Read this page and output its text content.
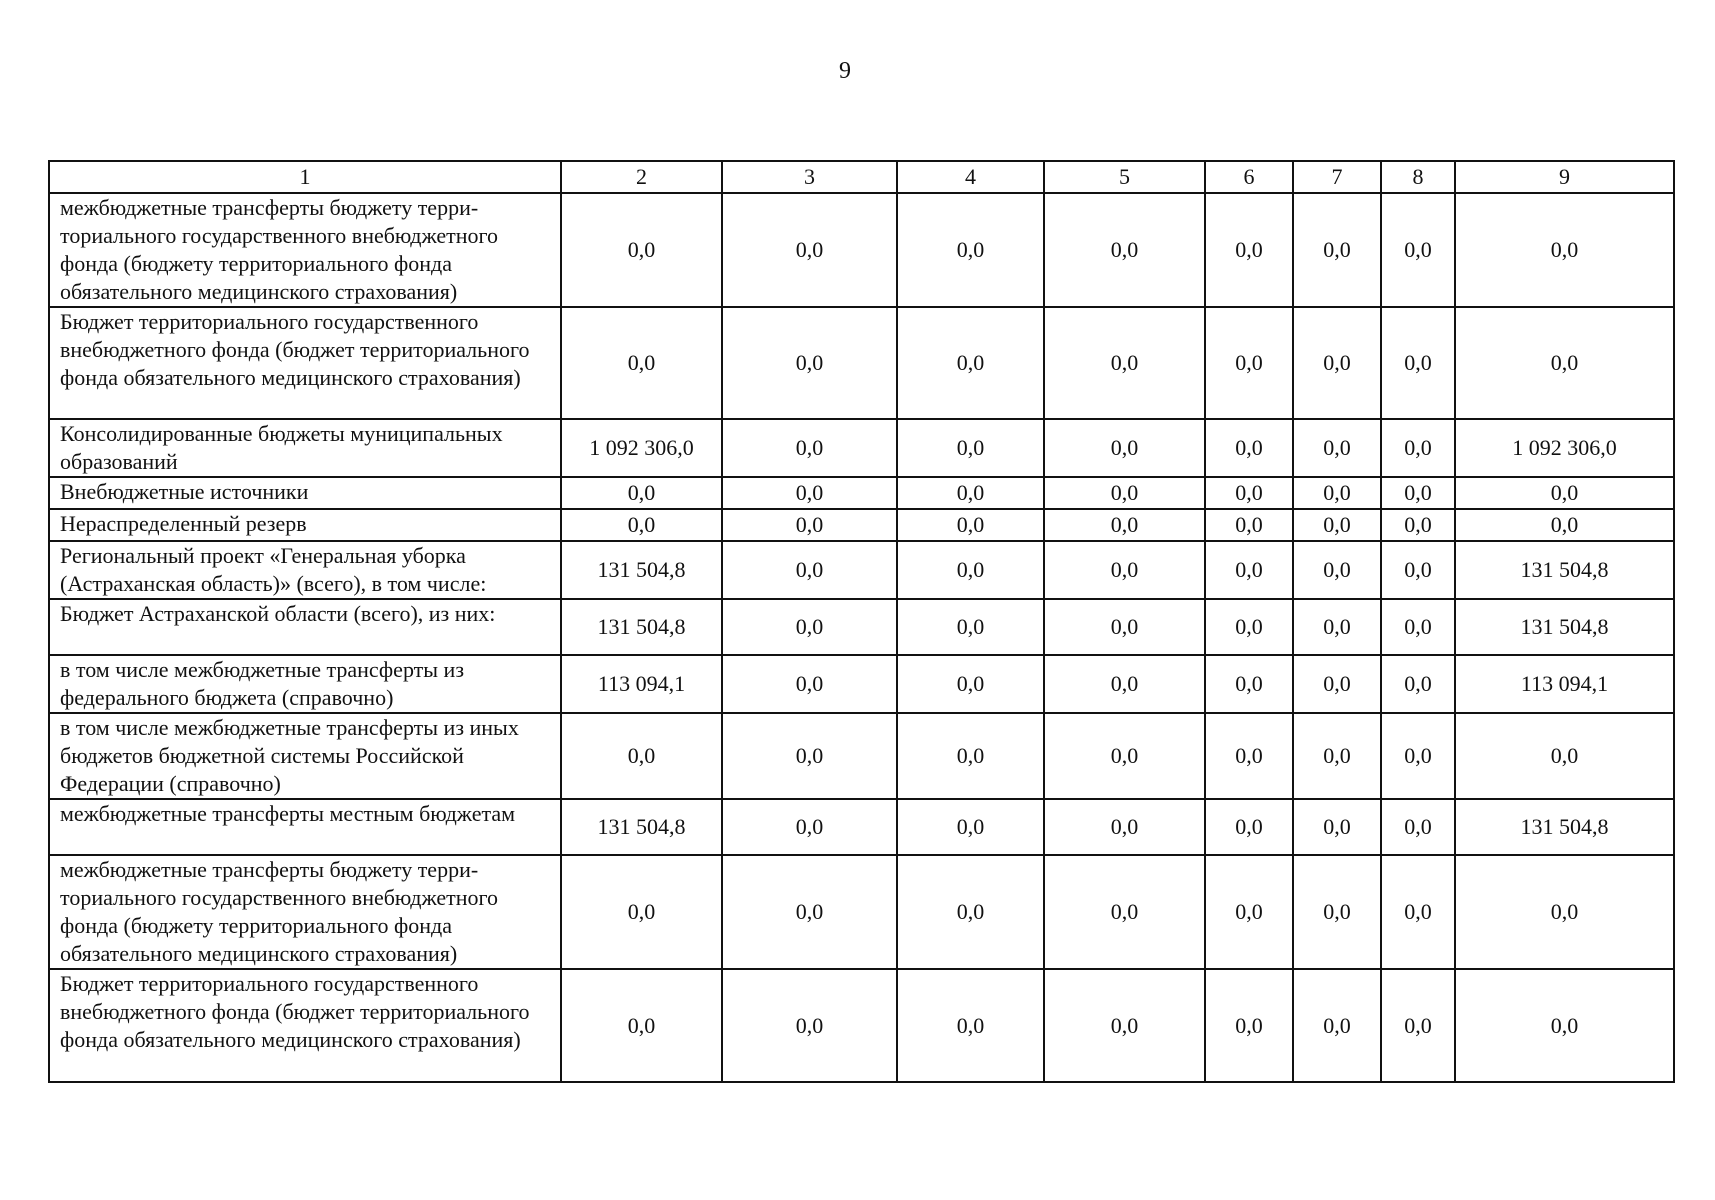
9
1	2	3	4	5	6	7	8	9
межбюджетные трансферты бюджету территориального государственного внебюджетного фонда (бюджету территориального фонда обязательного медицинского страхования)	0,0	0,0	0,0	0,0	0,0	0,0	0,0	0,0
Бюджет территориального государственного внебюджетного фонда (бюджет территориального фонда обязательного медицинского страхования)	0,0	0,0	0,0	0,0	0,0	0,0	0,0	0,0
Консолидированные бюджеты муниципальных образований	1 092 306,0	0,0	0,0	0,0	0,0	0,0	0,0	1 092 306,0
Внебюджетные источники	0,0	0,0	0,0	0,0	0,0	0,0	0,0	0,0
Нераспределенный резерв	0,0	0,0	0,0	0,0	0,0	0,0	0,0	0,0
Региональный проект «Генеральная уборка (Астраханская область)» (всего), в том числе:	131 504,8	0,0	0,0	0,0	0,0	0,0	0,0	131 504,8
Бюджет Астраханской области (всего), из них:	131 504,8	0,0	0,0	0,0	0,0	0,0	0,0	131 504,8
в том числе межбюджетные трансферты из федерального бюджета (справочно)	113 094,1	0,0	0,0	0,0	0,0	0,0	0,0	113 094,1
в том числе межбюджетные трансферты из иных бюджетов бюджетной системы Российской Федерации (справочно)	0,0	0,0	0,0	0,0	0,0	0,0	0,0	0,0
межбюджетные трансферты местным бюджетам	131 504,8	0,0	0,0	0,0	0,0	0,0	0,0	131 504,8
межбюджетные трансферты бюджету территориального государственного внебюджетного фонда (бюджету территориального фонда обязательного медицинского страхования)	0,0	0,0	0,0	0,0	0,0	0,0	0,0	0,0
Бюджет территориального государственного внебюджетного фонда (бюджет территориального фонда обязательного медицинского страхования)	0,0	0,0	0,0	0,0	0,0	0,0	0,0	0,0
